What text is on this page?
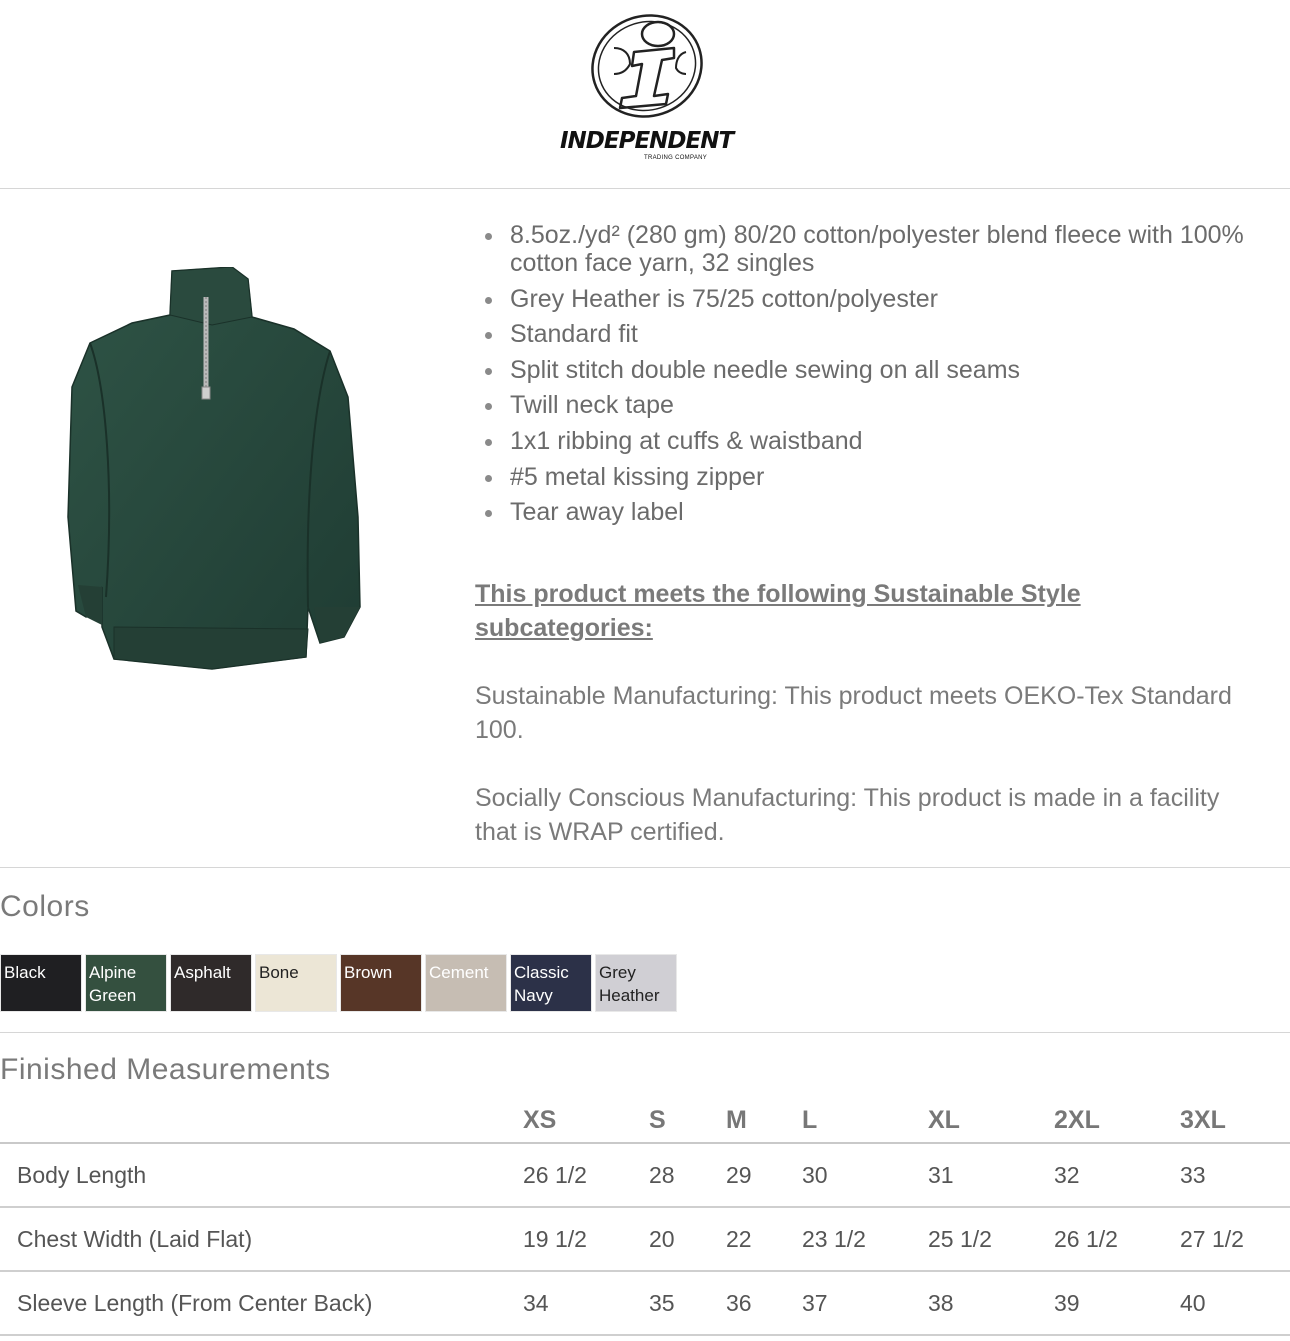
INDEPENDENT
TRADING COMPANY
8.5oz./yd² (280 gm) 80/20 cotton/polyester blend fleece with 100% cotton face yarn, 32 singles
Grey Heather is 75/25 cotton/polyester
Standard fit
Split stitch double needle sewing on all seams
Twill neck tape
1x1 ribbing at cuffs & waistband
#5 metal kissing zipper
Tear away label
This product meets the following Sustainable Style subcategories:
Sustainable Manufacturing: This product meets OEKO-Tex Standard 100.
Socially Conscious Manufacturing: This product is made in a facility that is WRAP certified.
Colors
Black	Alpine Green
Asphalt	Bone	Brown	Cement	Classic Navy
Grey Heather
Finished Measurements
	XS	S	M	L	XL	2XL	3XL	
Body Length	26 1/2	28	29	30	31	32	33	
Chest Width (Laid Flat)	19 1/2	20	22	23 1/2	25 1/2	26 1/2	27 1/2	
Sleeve Length (From Center Back)	34	35	36	37	38	39	40	
